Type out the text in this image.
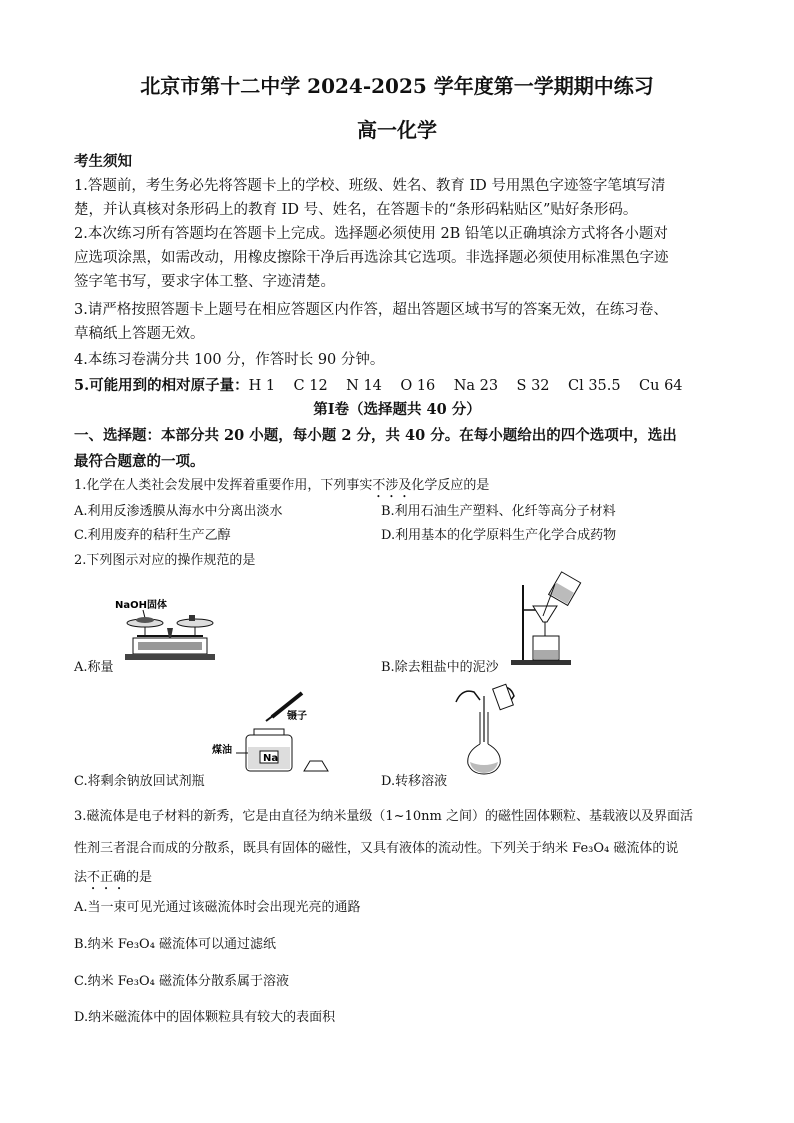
北京市第十二中学 2024-2025 学年度第一学期期中练习
高一化学
考生须知
1.答题前，考生务必先将答题卡上的学校、班级、姓名、教育 ID 号用黑色字迹签字笔填写清
楚，并认真核对条形码上的教育 ID 号、姓名，在答题卡的“条形码粘贴区”贴好条形码。
2.本次练习所有答题均在答题卡上完成。选择题必须使用 2B 铅笔以正确填涂方式将各小题对
应选项涂黑，如需改动，用橡皮擦除干净后再选涂其它选项。非选择题必须使用标准黑色字迹
签字笔书写，要求字体工整、字迹清楚。
3.请严格按照答题卡上题号在相应答题区内作答，超出答题区域书写的答案无效，在练习卷、
草稿纸上答题无效。
4.本练习卷满分共 100 分，作答时长 90 分钟。
5.可能用到的相对原子量：H 1    C 12    N 14    O 16    Na 23    S 32    Cl 35.5    Cu 64
第Ⅰ卷（选择题共 40 分）
一、选择题：本部分共 20 小题，每小题 2 分，共 40 分。在每小题给出的四个选项中，选出
最符合题意的一项。
1.化学在人类社会发展中发挥着重要作用，下列事实不涉及化学反应的是
A.利用反渗透膜从海水中分离出淡水	B.利用石油生产塑料、化纤等高分子材料
C.利用废弃的秸秆生产乙醇	D.利用基本的化学原料生产化学合成药物
2.下列图示对应的操作规范的是
NaOH固体
A.称量	B.除去粗盐中的泥沙
镊子
Na
煤油
C.将剩余钠放回试剂瓶	D.转移溶液
3.磁流体是电子材料的新秀，它是由直径为纳米量级（1~10nm 之间）的磁性固体颗粒、基载液以及界面活
性剂三者混合而成的分散系，既具有固体的磁性，又具有液体的流动性。下列关于纳米 Fe₃O₄ 磁流体的说
法不正确的是
A.当一束可见光通过该磁流体时会出现光亮的通路
B.纳米 Fe₃O₄ 磁流体可以通过滤纸
C.纳米 Fe₃O₄ 磁流体分散系属于溶液
D.纳米磁流体中的固体颗粒具有较大的表面积
